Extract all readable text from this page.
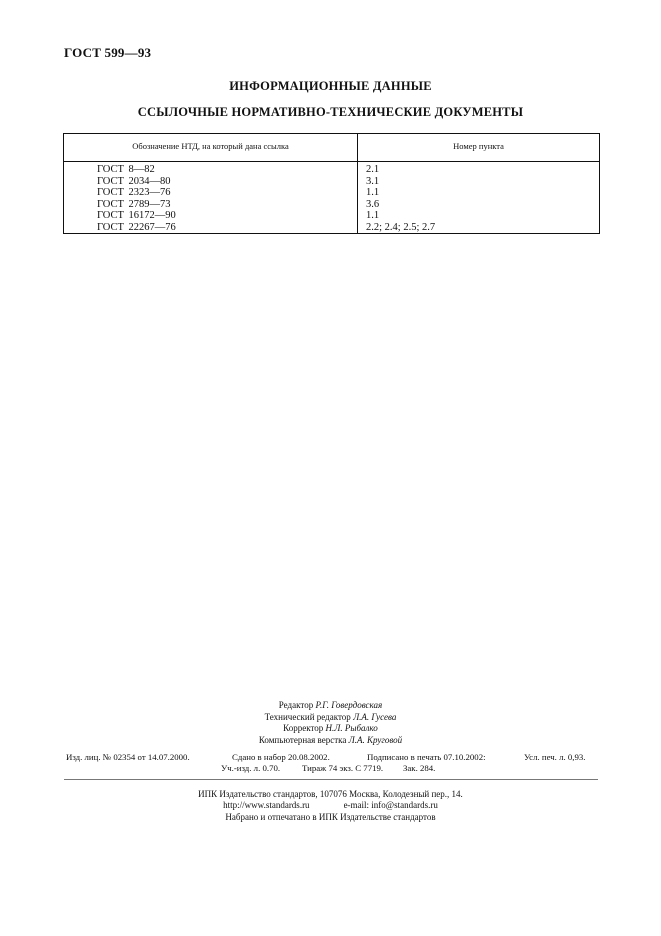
ГОСТ 599—93
ИНФОРМАЦИОННЫЕ ДАННЫЕ
ССЫЛОЧНЫЕ НОРМАТИВНО-ТЕХНИЧЕСКИЕ ДОКУМЕНТЫ
Обозначение НТД, на который дана ссылка	Номер пункта
ГОСТ 8—82	2.1
ГОСТ 2034—80	3.1
ГОСТ 2323—76	1.1
ГОСТ 2789—73	3.6
ГОСТ 16172—90	1.1
ГОСТ 22267—76	2.2; 2.4; 2.5; 2.7
Редактор Р.Г. Говердовская
Технический редактор Л.А. Гусева
Корректор Н.Л. Рыбалко
Компьютерная верстка Л.А. Круговой
Изд. лиц. № 02354 от 14.07.2000.	Сдано в набор 20.08.2002.	Подписано в печать 07.10.2002:	Усл. печ. л. 0,93.
Уч.-изд. л. 0.70. Тираж 74 экз. С 7719. Зак. 284.
ИПК Издательство стандартов, 107076 Москва, Колодезный пер., 14.
http://www.standards.ru	e-mail: info@standards.ru
Набрано и отпечатано в ИПК Издательстве стандартов
